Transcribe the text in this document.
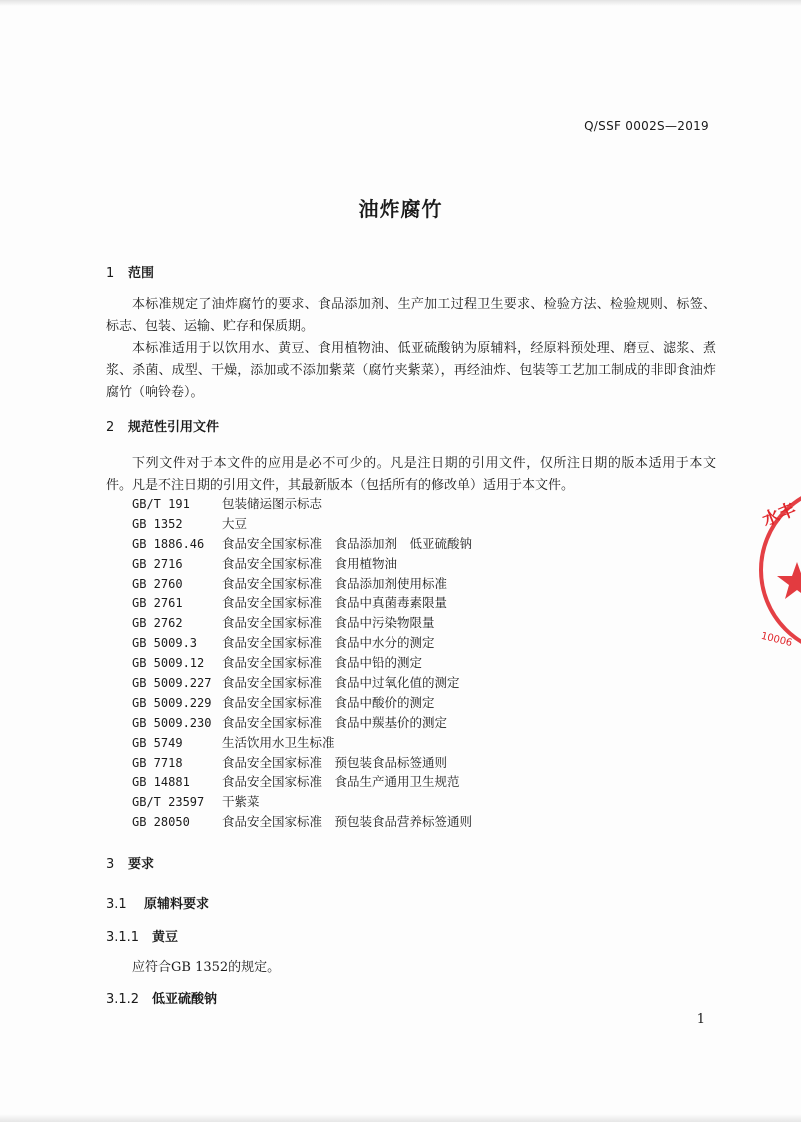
Q/SSF 0002S—2019
油炸腐竹
1 范围
本标准规定了油炸腐竹的要求、食品添加剂、生产加工过程卫生要求、检验方法、检验规则、标签、标志、包装、运输、贮存和保质期。
本标准适用于以饮用水、黄豆、食用植物油、低亚硫酸钠为原辅料，经原料预处理、磨豆、滤浆、煮浆、杀菌、成型、干燥，添加或不添加紫菜（腐竹夹紫菜），再经油炸、包装等工艺加工制成的非即食油炸腐竹（响铃卷）。
2 规范性引用文件
下列文件对于本文件的应用是必不可少的。凡是注日期的引用文件，仅所注日期的版本适用于本文件。凡是不注日期的引用文件，其最新版本（包括所有的修改单）适用于本文件。
GB/T 191	包装储运图示标志
GB 1352	大豆
GB 1886.46 食品安全国家标准　食品添加剂　低亚硫酸钠
GB 2716	食品安全国家标准　食用植物油
GB 2760	食品安全国家标准　食品添加剂使用标准
GB 2761	食品安全国家标准　食品中真菌毒素限量
GB 2762	食品安全国家标准　食品中污染物限量
GB 5009.3 食品安全国家标准　食品中水分的测定
GB 5009.12 食品安全国家标准　食品中铅的测定
GB 5009.227 食品安全国家标准　食品中过氧化值的测定
GB 5009.229 食品安全国家标准　食品中酸价的测定
GB 5009.230 食品安全国家标准　食品中羰基价的测定
GB 5749	生活饮用水卫生标准
GB 7718	食品安全国家标准　预包装食品标签通则
GB 14881	食品安全国家标准　食品生产通用卫生规范
GB/T 23597 干紫菜
GB 28050	食品安全国家标准　预包装食品营养标签通则
3 要求
3.1 原辅料要求
3.1.1 黄豆
应符合GB 1352的规定。
3.1.2 低亚硫酸钠
1
水丰
10006
